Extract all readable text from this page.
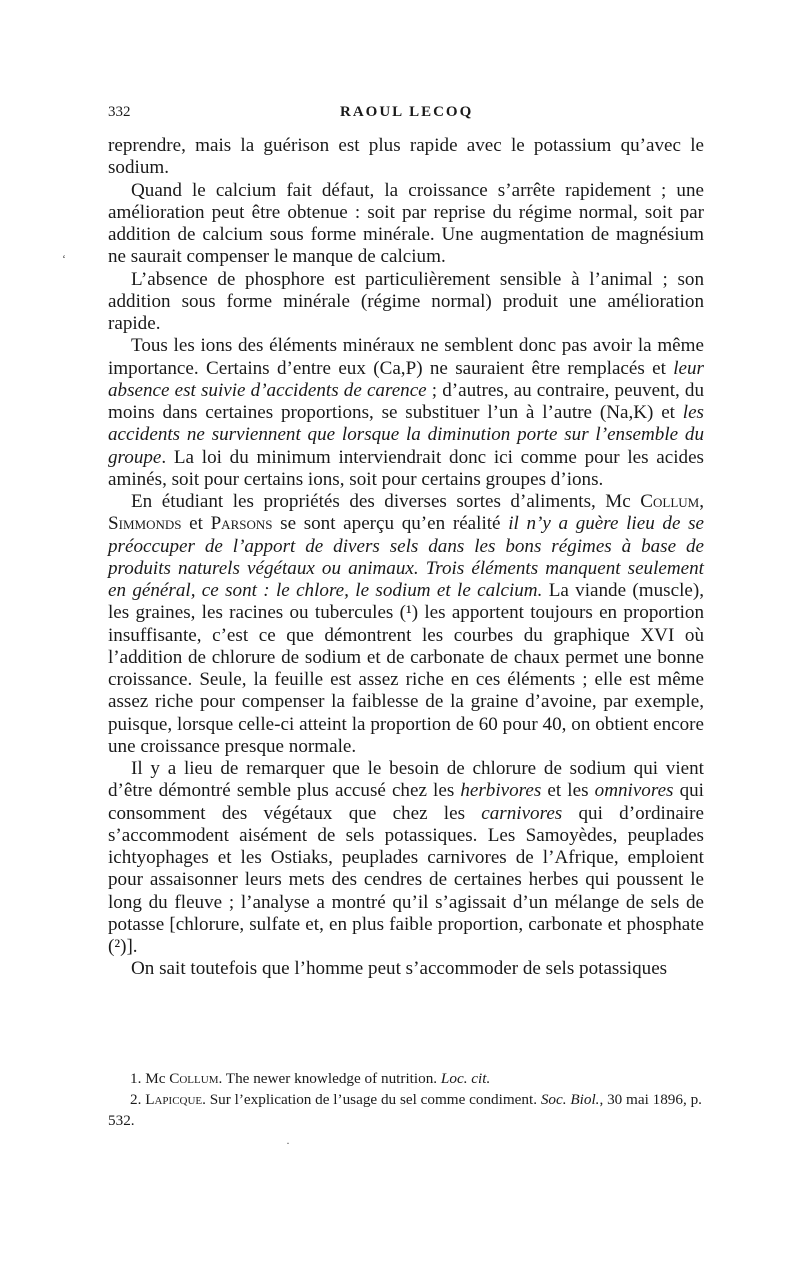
332	RAOUL LECOQ

reprendre, mais la guérison est plus rapide avec le potassium qu’avec le sodium.

Quand le calcium fait défaut, la croissance s’arrête rapidement ; une amélioration peut être obtenue : soit par reprise du régime normal, soit par addition de calcium sous forme minérale. Une augmentation de magnésium ne saurait compenser le manque de calcium.

L’absence de phosphore est particulièrement sensible à l’animal ; son addition sous forme minérale (régime normal) produit une amélioration rapide.

Tous les ions des éléments minéraux ne semblent donc pas avoir la même importance. Certains d’entre eux (Ca,P) ne sauraient être remplacés et leur absence est suivie d’accidents de carence ; d’autres, au contraire, peuvent, du moins dans certaines proportions, se substituer l’un à l’autre (Na,K) et les accidents ne surviennent que lorsque la diminution porte sur l’ensemble du groupe. La loi du minimum interviendrait donc ici comme pour les acides aminés, soit pour certains ions, soit pour certains groupes d’ions.

En étudiant les propriétés des diverses sortes d’aliments, Mc Collum, Simmonds et Parsons se sont aperçu qu’en réalité il n’y a guère lieu de se préoccuper de l’apport de divers sels dans les bons régimes à base de produits naturels végétaux ou animaux. Trois éléments manquent seulement en général, ce sont : le chlore, le sodium et le calcium. La viande (muscle), les graines, les racines ou tubercules (¹) les apportent toujours en proportion insuffisante, c’est ce que démontrent les courbes du graphique XVI où l’addition de chlorure de sodium et de carbonate de chaux permet une bonne croissance. Seule, la feuille est assez riche en ces éléments ; elle est même assez riche pour compenser la faiblesse de la graine d’avoine, par exemple, puisque, lorsque celle-ci atteint la proportion de 60 pour 40, on obtient encore une croissance presque normale.

Il y a lieu de remarquer que le besoin de chlorure de sodium qui vient d’être démontré semble plus accusé chez les herbivores et les omnivores qui consomment des végétaux que chez les carnivores qui d’ordinaire s’accommodent aisément de sels potassiques. Les Samoyèdes, peuplades ichtyophages et les Ostiaks, peuplades carnivores de l’Afrique, emploient pour assaisonner leurs mets des cendres de certaines herbes qui poussent le long du fleuve ; l’analyse a montré qu’il s’agissait d’un mélange de sels de potasse [chlorure, sulfate et, en plus faible proportion, carbonate et phosphate (²)].

On sait toutefois que l’homme peut s’accommoder de sels potassiques

1. Mc Collum. The newer knowledge of nutrition. Loc. cit.

2. Lapicque. Sur l’explication de l’usage du sel comme condiment. Soc. Biol., 30 mai 1896, p. 532.

‘
·
